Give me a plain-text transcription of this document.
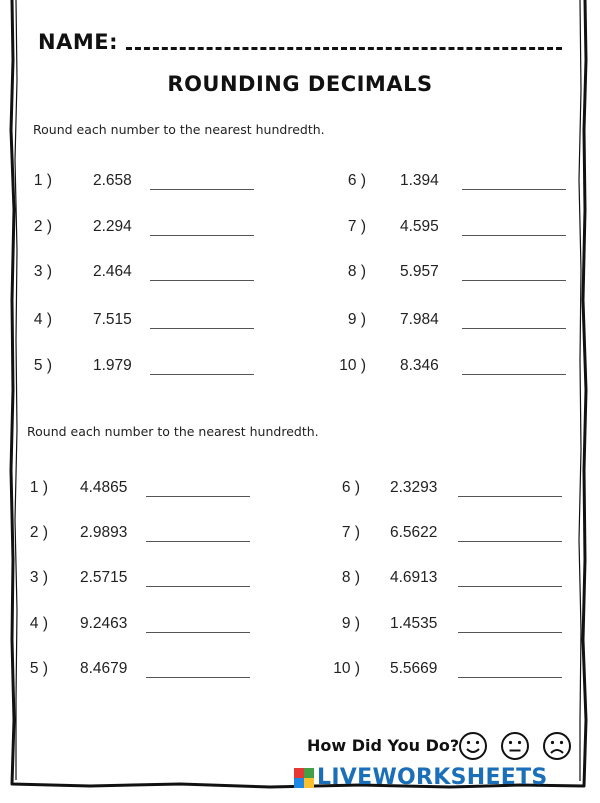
NAME:
ROUNDING DECIMALS
Round each number to the nearest hundredth.
1 )	2.658
2 )	2.294
3 )	2.464
4 )	7.515
5 )	1.979
6 )	1.394
7 )	4.595
8 )	5.957
9 )	7.984
10 )	8.346
Round each number to the nearest hundredth.
1 )	4.4865
2 )	2.9893
3 )	2.5715
4 )	9.2463
5 )	8.4679
6 )	2.3293
7 )	6.5622
8 )	4.6913
9 )	1.4535
10 )	5.5669
How Did You Do?
LIVEWORKSHEETS
